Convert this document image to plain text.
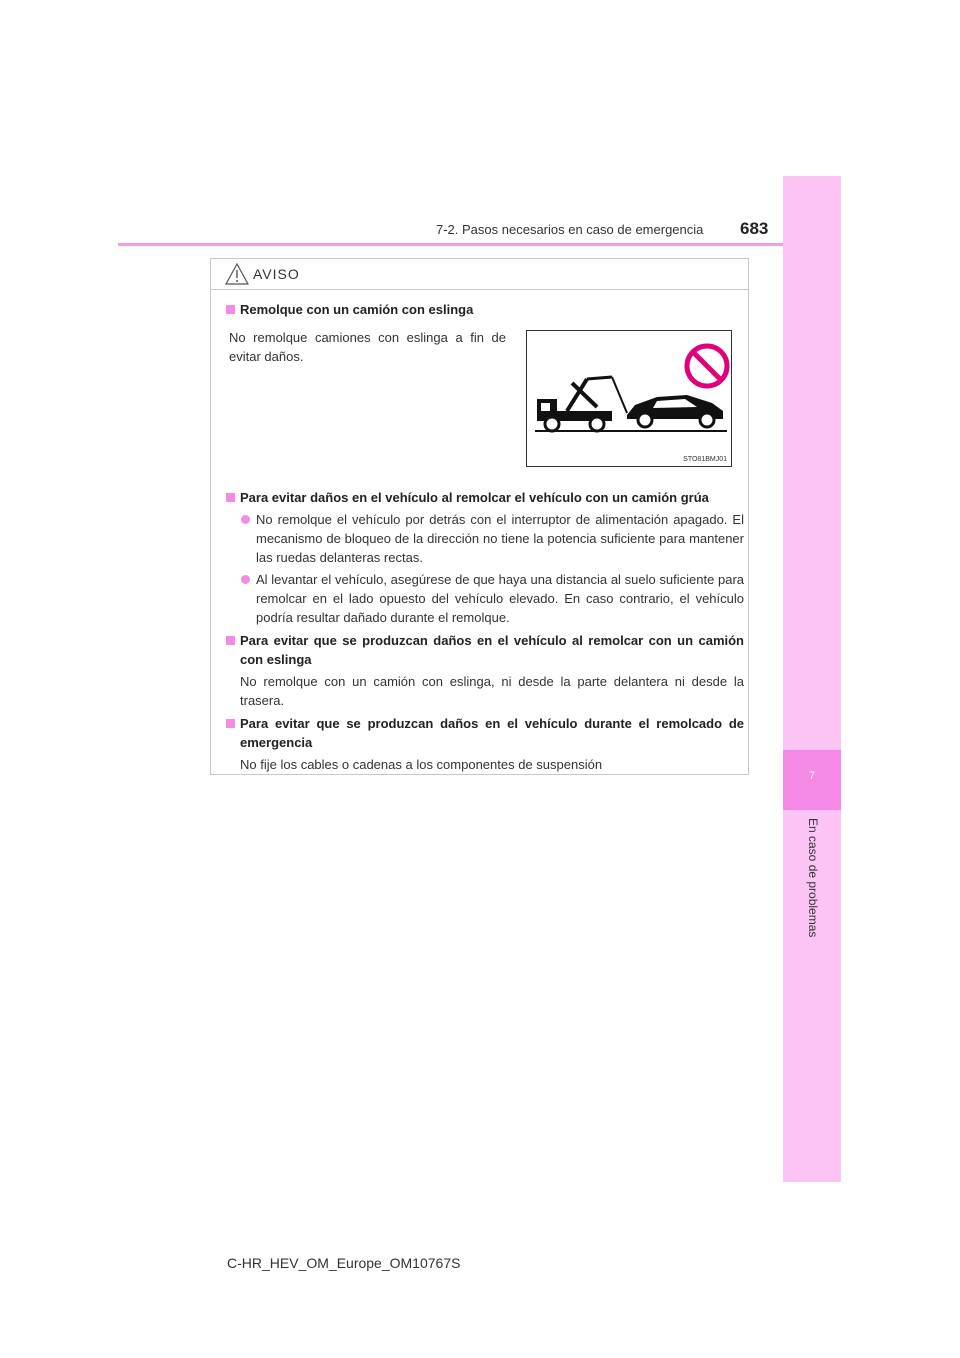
7-2. Pasos necesarios en caso de emergencia 683
7
En caso de problemas
AVISO
Remolque con un camión con eslinga
No remolque camiones con eslinga a fin de evitar daños.
STO81BMJ01
Para evitar daños en el vehículo al remolcar el vehículo con un camión grúa
No remolque el vehículo por detrás con el interruptor de alimentación apagado. El mecanismo de bloqueo de la dirección no tiene la potencia suficiente para mantener las ruedas delanteras rectas.
Al levantar el vehículo, asegúrese de que haya una distancia al suelo suficiente para remolcar en el lado opuesto del vehículo elevado. En caso contrario, el vehículo podría resultar dañado durante el remolque.
Para evitar que se produzcan daños en el vehículo al remolcar con un camión con eslinga
No remolque con un camión con eslinga, ni desde la parte delantera ni desde la trasera.
Para evitar que se produzcan daños en el vehículo durante el remolcado de emergencia
No fije los cables o cadenas a los componentes de suspensión
C-HR_HEV_OM_Europe_OM10767S
